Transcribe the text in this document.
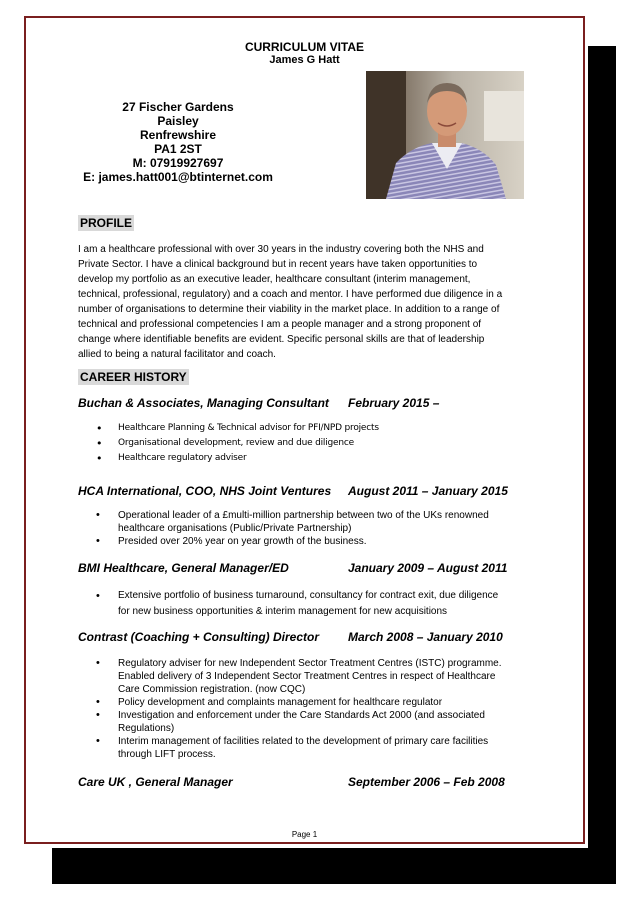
CURRICULUM VITAE
James G Hatt
27 Fischer Gardens
Paisley
Renfrewshire
PA1 2ST
M: 07919927697
E: james.hatt001@btinternet.com
PROFILE
I am a healthcare professional with over 30 years in the industry covering both the NHS and
Private Sector. I have a clinical background but in recent years have taken opportunities to
develop my portfolio as an executive leader, healthcare consultant (interim management,
technical, professional, regulatory) and a coach and mentor. I have performed due diligence in a
number of organisations to determine their viability in the market place. In addition to a range of
technical and professional competencies I am a people manager and a strong proponent of
change where identifiable benefits are evident. Specific personal skills are that of leadership
allied to being a natural facilitator and coach.
CAREER HISTORY
Buchan & Associates, Managing Consultant February 2015 –
• Healthcare Planning & Technical advisor for PFI/NPD projects
• Organisational development, review and due diligence
• Healthcare regulatory adviser
HCA International, COO, NHS Joint Ventures August 2011 – January 2015
• Operational leader of a £multi-million partnership between two of the UKs renowned
healthcare organisations (Public/Private Partnership)
• Presided over 20% year on year growth of the business.
BMI Healthcare, General Manager/ED	January 2009 – August 2011
• Extensive portfolio of business turnaround, consultancy for contract exit, due diligence
for new business opportunities & interim management for new acquisitions
Contrast (Coaching + Consulting) Director March 2008 – January 2010
• Regulatory adviser for new Independent Sector Treatment Centres (ISTC) programme.
Enabled delivery of 3 Independent Sector Treatment Centres in respect of Healthcare
Care Commission registration. (now CQC)
• Policy development and complaints management for healthcare regulator
• Investigation and enforcement under the Care Standards Act 2000 (and associated
Regulations)
• Interim management of facilities related to the development of primary care facilities
through LIFT process.
Care UK , General Manager	September 2006 – Feb 2008
Page 1
